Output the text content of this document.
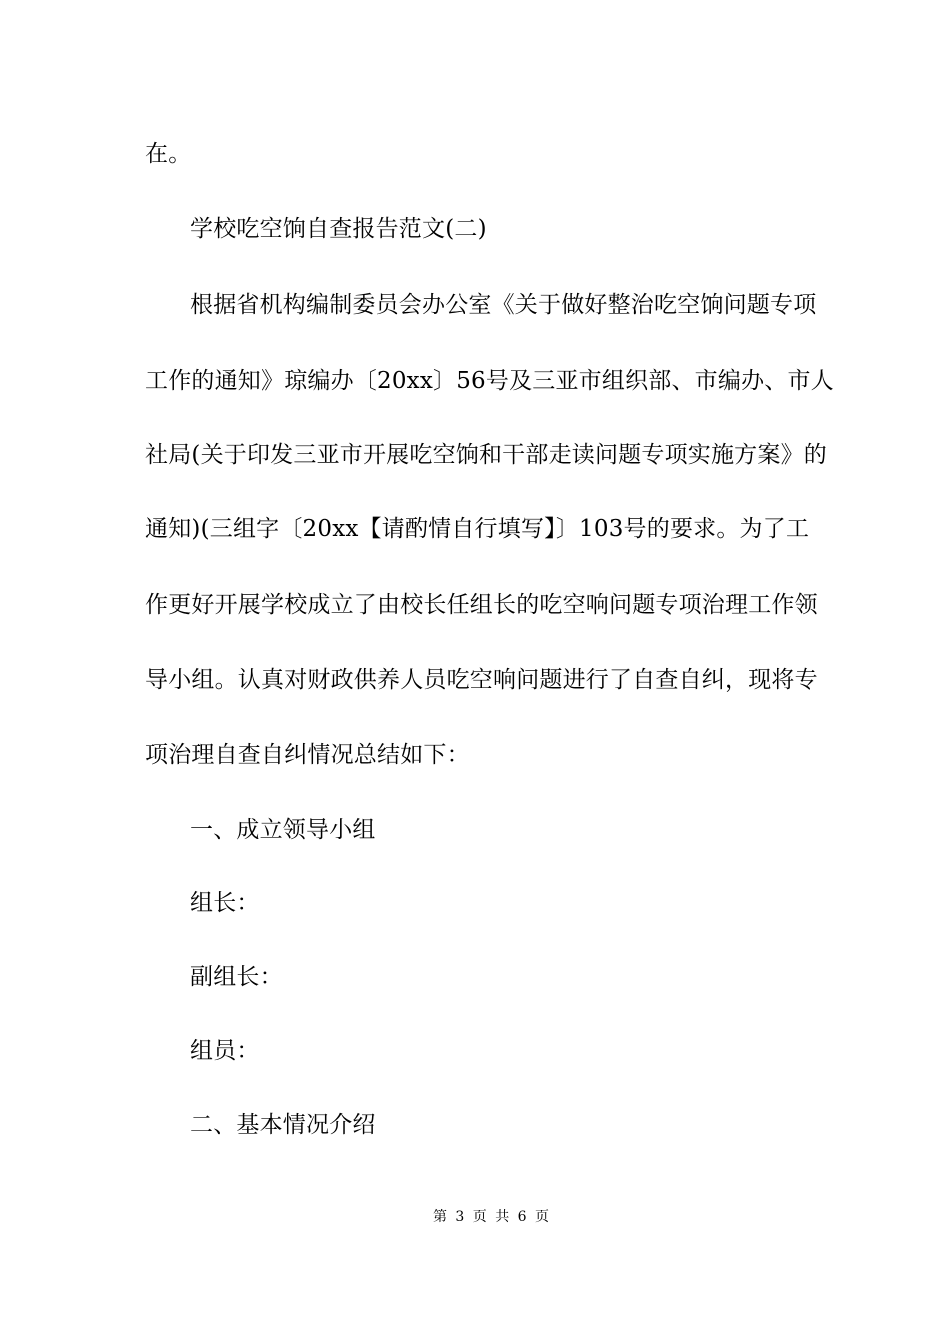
在。
学校吃空饷自查报告范文(二)
根据省机构编制委员会办公室《关于做好整治吃空饷问题专项
工作的通知》琼编办〔20xx〕56号及三亚市组织部、市编办、市人
社局(关于印发三亚市开展吃空饷和干部走读问题专项实施方案》的
通知)(三组字〔20xx【请酌情自行填写】〕103号的要求。为了工
作更好开展学校成立了由校长任组长的吃空响问题专项治理工作领
导小组。认真对财政供养人员吃空响问题进行了自查自纠，现将专
项治理自查自纠情况总结如下：
一、成立领导小组
组长：
副组长：
组员：
二、基本情况介绍
第 3 页 共 6 页
